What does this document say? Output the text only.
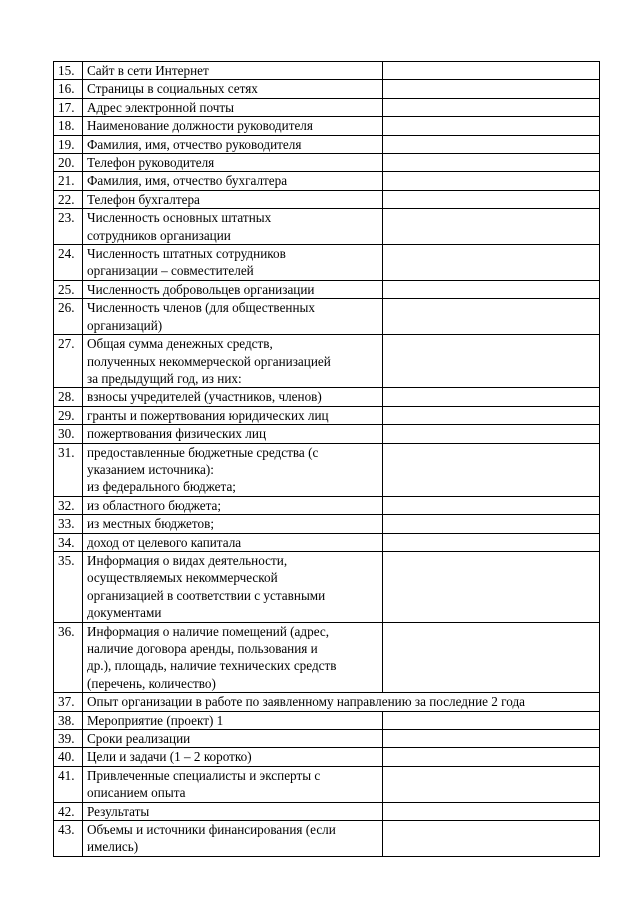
15.	Сайт в сети Интернет	
16.	Страницы в социальных сетях	
17.	Адрес электронной почты	
18.	Наименование должности руководителя	
19.	Фамилия, имя, отчество руководителя	
20.	Телефон руководителя	
21.	Фамилия, имя, отчество бухгалтера	
22.	Телефон бухгалтера	
23.	Численность основных штатных
сотрудников организации	
24.	Численность штатных сотрудников
организации – совместителей	
25.	Численность добровольцев организации	
26.	Численность членов (для общественных
организаций)	
27.	Общая сумма денежных средств,
полученных некоммерческой организацией
за предыдущий год, из них:	
28.	взносы учредителей (участников, членов)	
29.	гранты и пожертвования юридических лиц	
30.	пожертвования физических лиц	
31.	предоставленные бюджетные средства (с
указанием источника):
из федерального бюджета;	
32.	из областного бюджета;	
33.	из местных бюджетов;	
34.	доход от целевого капитала	
35.	Информация о видах деятельности,
осуществляемых некоммерческой
организацией в соответствии с уставными
документами	
36.	Информация о наличие помещений (адрес,
наличие договора аренды, пользования и
др.), площадь, наличие технических средств
(перечень, количество)	
37.	Опыт организации в работе по заявленному направлению за последние 2 года	
38.	Мероприятие (проект) 1	
39.	Сроки реализации	
40.	Цели и задачи (1 – 2 коротко)	
41.	Привлеченные специалисты и эксперты с
описанием опыта	
42.	Результаты	
43.	Объемы и источники финансирования (если
имелись)	
